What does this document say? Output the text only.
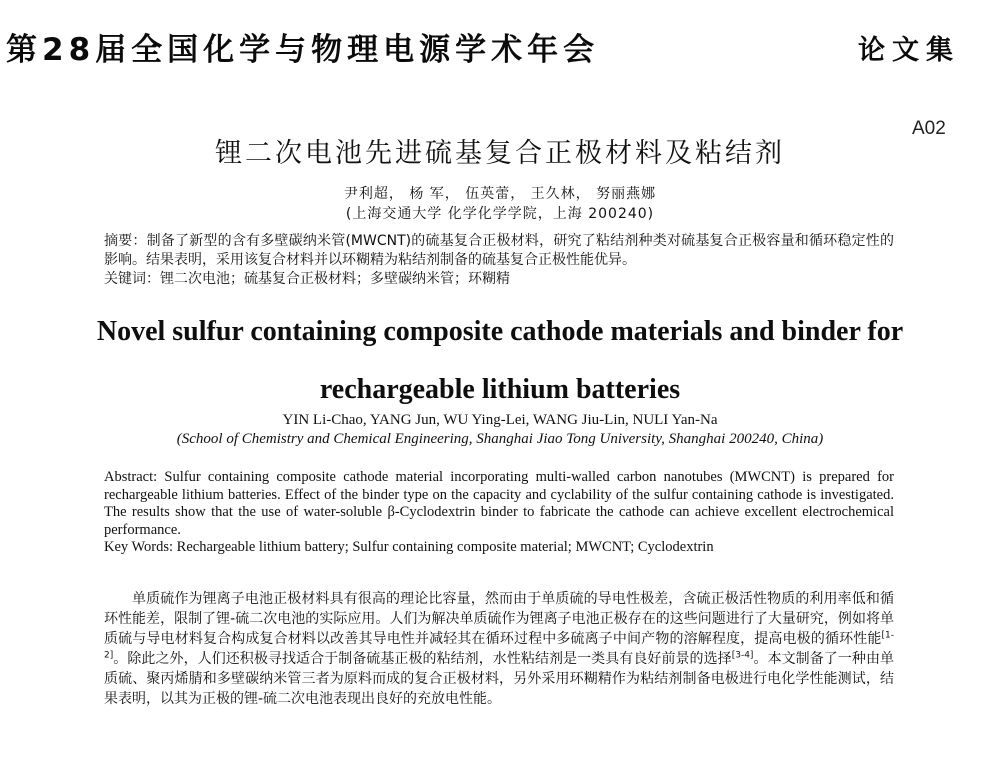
第28届全国化学与物理电源学术年会	论文集
A02
锂二次电池先进硫基复合正极材料及粘结剂
尹利超， 杨 军， 伍英蕾， 王久林， 努丽燕娜
(上海交通大学 化学化学学院，上海 200240)
摘要：制备了新型的含有多壁碳纳米管(MWCNT)的硫基复合正极材料，研究了粘结剂种类对硫基复合正极容量和循环稳定性的影响。结果表明，采用该复合材料并以环糊精为粘结剂制备的硫基复合正极性能优异。
关键词：锂二次电池；硫基复合正极材料；多壁碳纳米管；环糊精
Novel sulfur containing composite cathode materials and binder for rechargeable lithium batteries
YIN Li-Chao, YANG Jun, WU Ying-Lei, WANG Jiu-Lin, NULI Yan-Na
(School of Chemistry and Chemical Engineering, Shanghai Jiao Tong University, Shanghai 200240, China)
Abstract: Sulfur containing composite cathode material incorporating multi-walled carbon nanotubes (MWCNT) is prepared for rechargeable lithium batteries. Effect of the binder type on the capacity and cyclability of the sulfur containing cathode is investigated. The results show that the use of water-soluble β-Cyclodextrin binder to fabricate the cathode can achieve excellent electrochemical performance.
Key Words: Rechargeable lithium battery; Sulfur containing composite material; MWCNT; Cyclodextrin
单质硫作为锂离子电池正极材料具有很高的理论比容量，然而由于单质硫的导电性极差，含硫正极活性物质的利用率低和循环性能差，限制了锂-硫二次电池的实际应用。人们为解决单质硫作为锂离子电池正极存在的这些问题进行了大量研究，例如将单质硫与导电材料复合构成复合材料以改善其导电性并减轻其在循环过程中多硫离子中间产物的溶解程度，提高电极的循环性能[1-2]。除此之外，人们还积极寻找适合于制备硫基正极的粘结剂，水性粘结剂是一类具有良好前景的选择[3-4]。本文制备了一种由单质硫、聚丙烯腈和多壁碳纳米管三者为原料而成的复合正极材料，另外采用环糊精作为粘结剂制备电极进行电化学性能测试，结果表明，以其为正极的锂-硫二次电池表现出良好的充放电性能。
